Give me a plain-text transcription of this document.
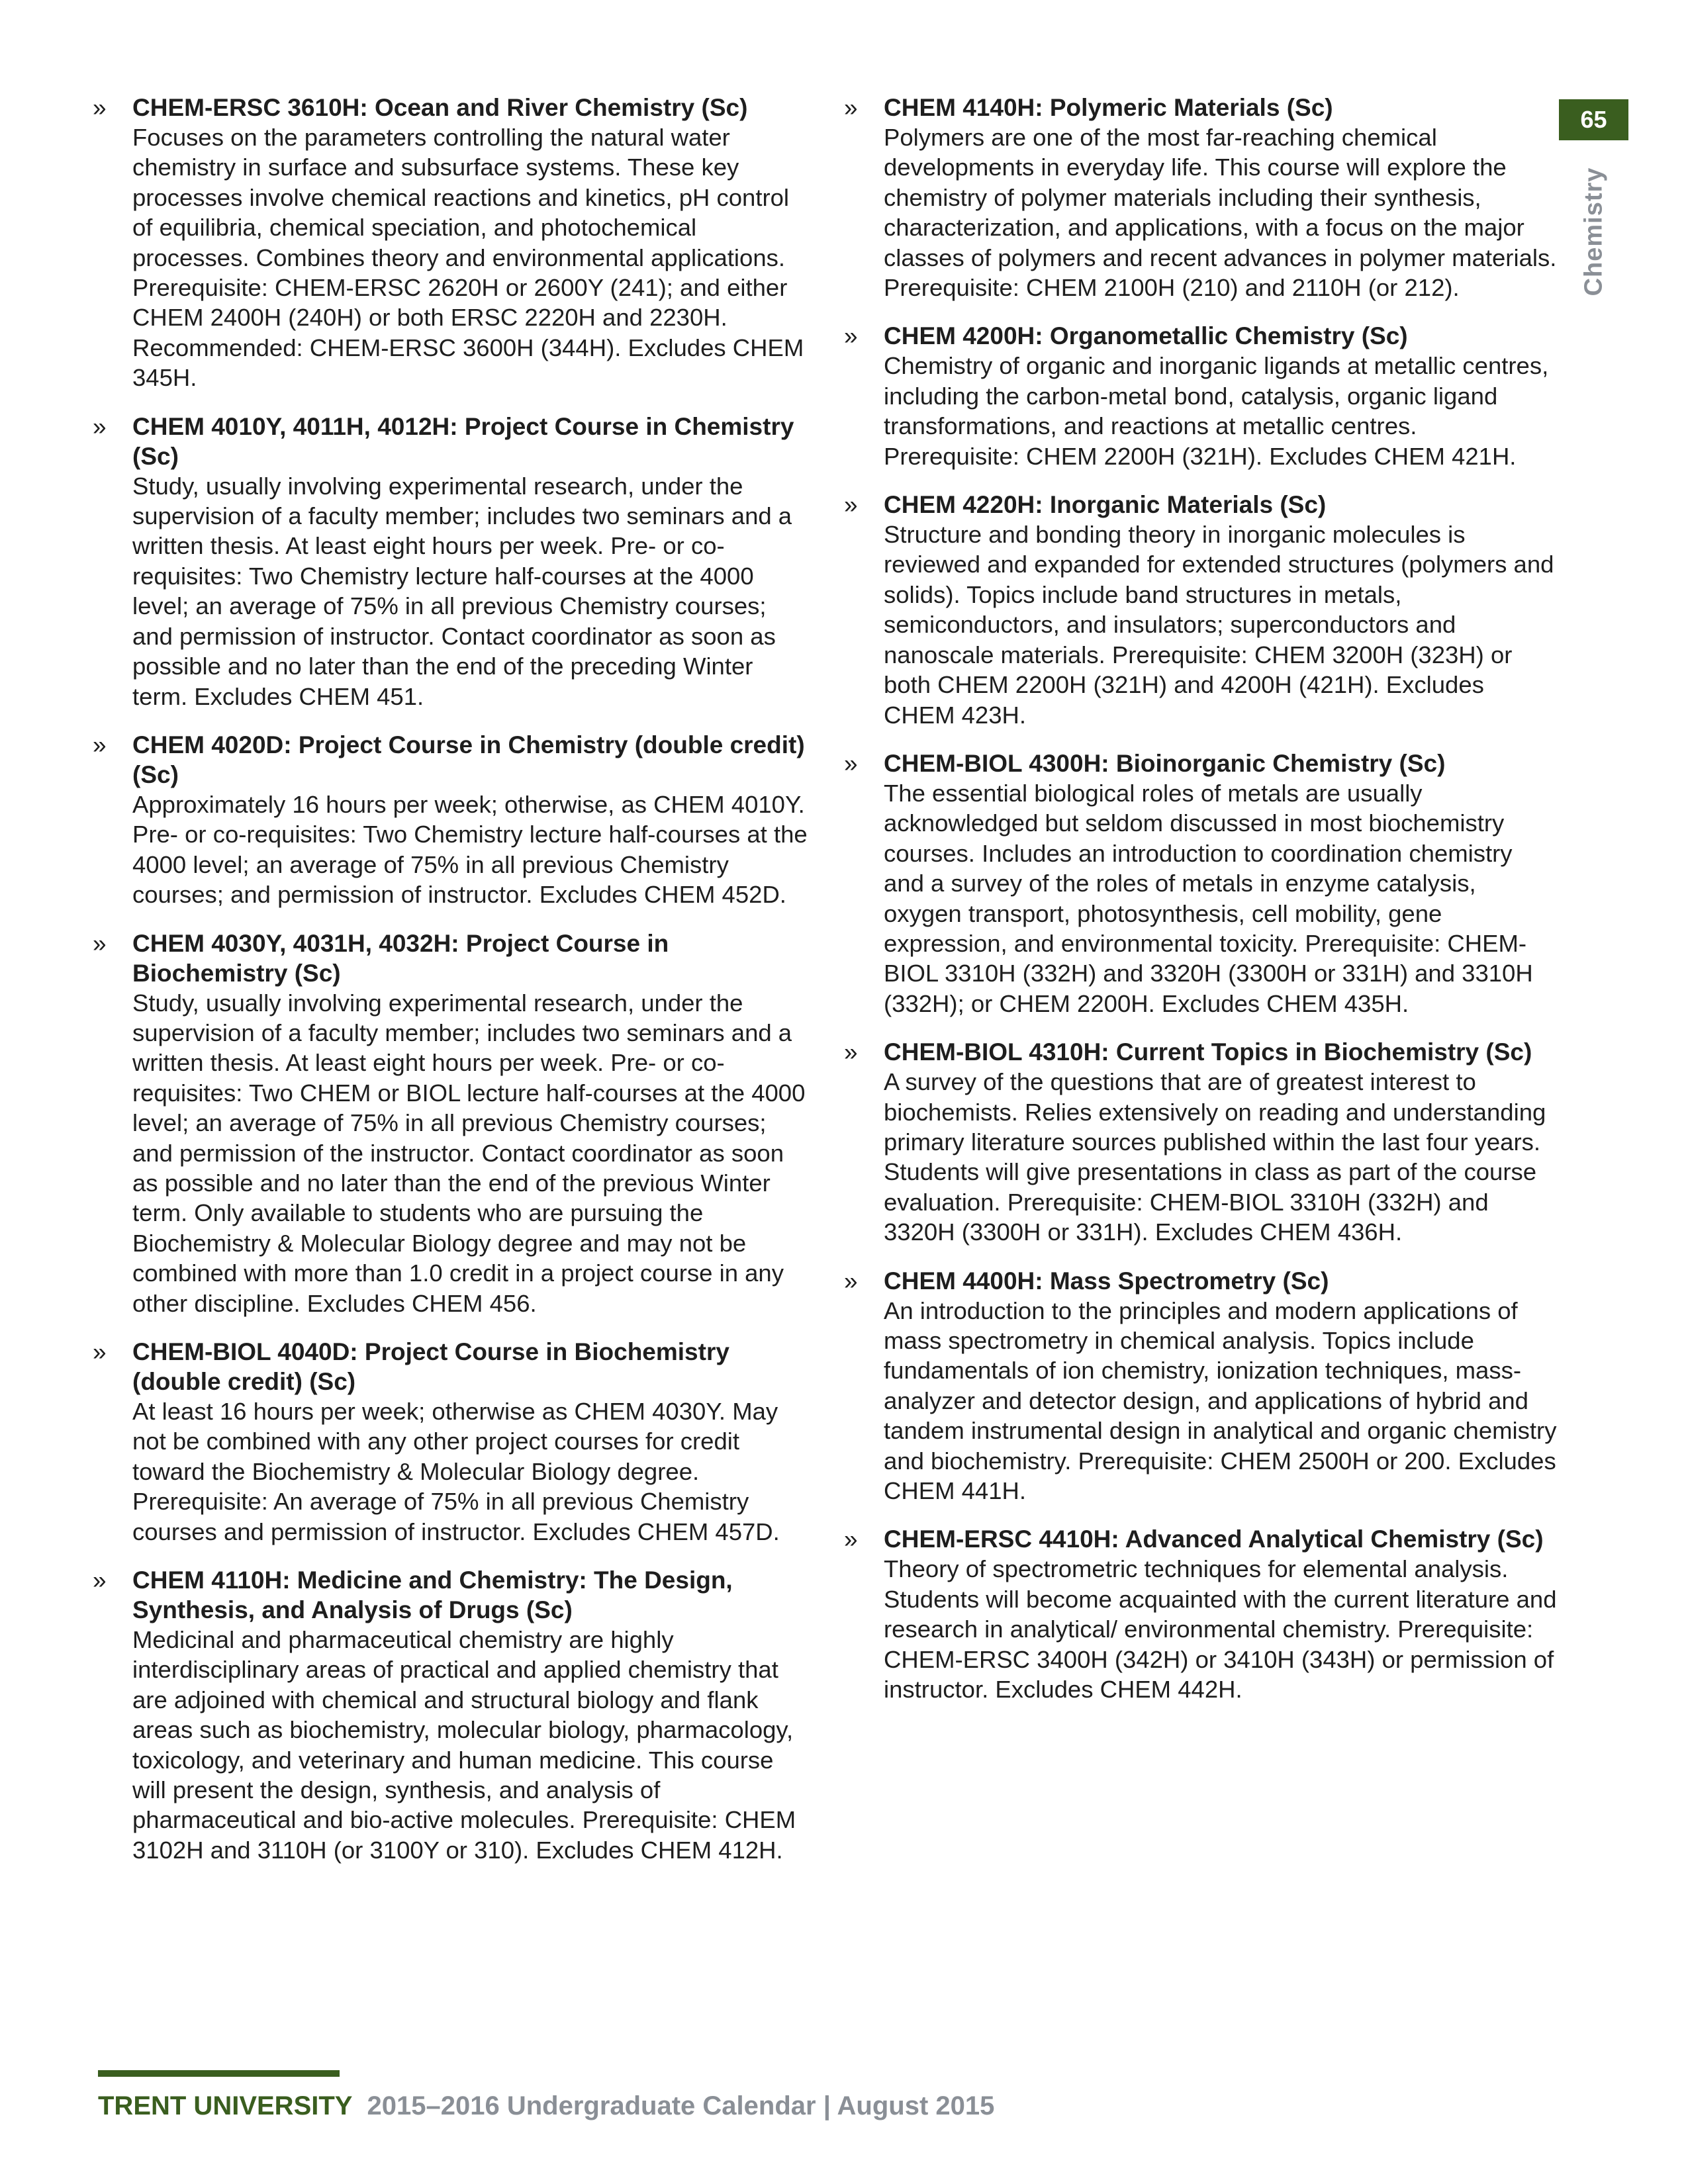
» CHEM-ERSC 3610H: Ocean and River Chemistry (Sc)
Focuses on the parameters controlling the natural water chemistry in surface and subsurface systems. These key processes involve chemical reactions and kinetics, pH control of equilibria, chemical speciation, and photochemical processes. Combines theory and environmental applications. Prerequisite: CHEM-ERSC 2620H or 2600Y (241); and either CHEM 2400H (240H) or both ERSC 2220H and 2230H. Recommended: CHEM-ERSC 3600H (344H). Excludes CHEM 345H.
» CHEM 4010Y, 4011H, 4012H: Project Course in Chemistry (Sc)
Study, usually involving experimental research, under the supervision of a faculty member; includes two seminars and a written thesis. At least eight hours per week. Pre- or co-requisites: Two Chemistry lecture half-courses at the 4000 level; an average of 75% in all previous Chemistry courses; and permission of instructor. Contact coordinator as soon as possible and no later than the end of the preceding Winter term. Excludes CHEM 451.
» CHEM 4020D: Project Course in Chemistry (double credit) (Sc)
Approximately 16 hours per week; otherwise, as CHEM 4010Y. Pre- or co-requisites: Two Chemistry lecture half-courses at the 4000 level; an average of 75% in all previous Chemistry courses; and permission of instructor. Excludes CHEM 452D.
» CHEM 4030Y, 4031H, 4032H: Project Course in Biochemistry (Sc)
Study, usually involving experimental research, under the supervision of a faculty member; includes two seminars and a written thesis. At least eight hours per week. Pre- or co-requisites: Two CHEM or BIOL lecture half-courses at the 4000 level; an average of 75% in all previous Chemistry courses; and permission of the instructor. Contact coordinator as soon as possible and no later than the end of the previous Winter term. Only available to students who are pursuing the Biochemistry & Molecular Biology degree and may not be combined with more than 1.0 credit in a project course in any other discipline. Excludes CHEM 456.
» CHEM-BIOL 4040D: Project Course in Biochemistry (double credit) (Sc)
At least 16 hours per week; otherwise as CHEM 4030Y. May not be combined with any other project courses for credit toward the Biochemistry & Molecular Biology degree. Prerequisite: An average of 75% in all previous Chemistry courses and permission of instructor. Excludes CHEM 457D.
» CHEM 4110H: Medicine and Chemistry: The Design, Synthesis, and Analysis of Drugs (Sc)
Medicinal and pharmaceutical chemistry are highly interdisciplinary areas of practical and applied chemistry that are adjoined with chemical and structural biology and flank areas such as biochemistry, molecular biology, pharmacology, toxicology, and veterinary and human medicine. This course will present the design, synthesis, and analysis of pharmaceutical and bio-active molecules. Prerequisite: CHEM 3102H and 3110H (or 3100Y or 310). Excludes CHEM 412H.
» CHEM 4140H: Polymeric Materials (Sc)
Polymers are one of the most far-reaching chemical developments in everyday life. This course will explore the chemistry of polymer materials including their synthesis, characterization, and applications, with a focus on the major classes of polymers and recent advances in polymer materials. Prerequisite: CHEM 2100H (210) and 2110H (or 212).
» CHEM 4200H: Organometallic Chemistry (Sc)
Chemistry of organic and inorganic ligands at metallic centres, including the carbon-metal bond, catalysis, organic ligand transformations, and reactions at metallic centres. Prerequisite: CHEM 2200H (321H). Excludes CHEM 421H.
» CHEM 4220H: Inorganic Materials (Sc)
Structure and bonding theory in inorganic molecules is reviewed and expanded for extended structures (polymers and solids). Topics include band structures in metals, semiconductors, and insulators; superconductors and nanoscale materials. Prerequisite: CHEM 3200H (323H) or both CHEM 2200H (321H) and 4200H (421H). Excludes CHEM 423H.
» CHEM-BIOL 4300H: Bioinorganic Chemistry (Sc)
The essential biological roles of metals are usually acknowledged but seldom discussed in most biochemistry courses. Includes an introduction to coordination chemistry and a survey of the roles of metals in enzyme catalysis, oxygen transport, photosynthesis, cell mobility, gene expression, and environmental toxicity. Prerequisite: CHEM-BIOL 3310H (332H) and 3320H (3300H or 331H) and 3310H (332H); or CHEM 2200H. Excludes CHEM 435H.
» CHEM-BIOL 4310H: Current Topics in Biochemistry (Sc)
A survey of the questions that are of greatest interest to biochemists. Relies extensively on reading and understanding primary literature sources published within the last four years. Students will give presentations in class as part of the course evaluation. Prerequisite: CHEM-BIOL 3310H (332H) and 3320H (3300H or 331H). Excludes CHEM 436H.
» CHEM 4400H: Mass Spectrometry (Sc)
An introduction to the principles and modern applications of mass spectrometry in chemical analysis. Topics include fundamentals of ion chemistry, ionization techniques, mass-analyzer and detector design, and applications of hybrid and tandem instrumental design in analytical and organic chemistry and biochemistry. Prerequisite: CHEM 2500H or 200. Excludes CHEM 441H.
» CHEM-ERSC 4410H: Advanced Analytical Chemistry (Sc)
Theory of spectrometric techniques for elemental analysis. Students will become acquainted with the current literature and research in analytical/ environmental chemistry. Prerequisite: CHEM-ERSC 3400H (342H) or 3410H (343H) or permission of instructor. Excludes CHEM 442H.
65
Chemistry
TRENT UNIVERSITY 2015–2016 Undergraduate Calendar | August 2015
